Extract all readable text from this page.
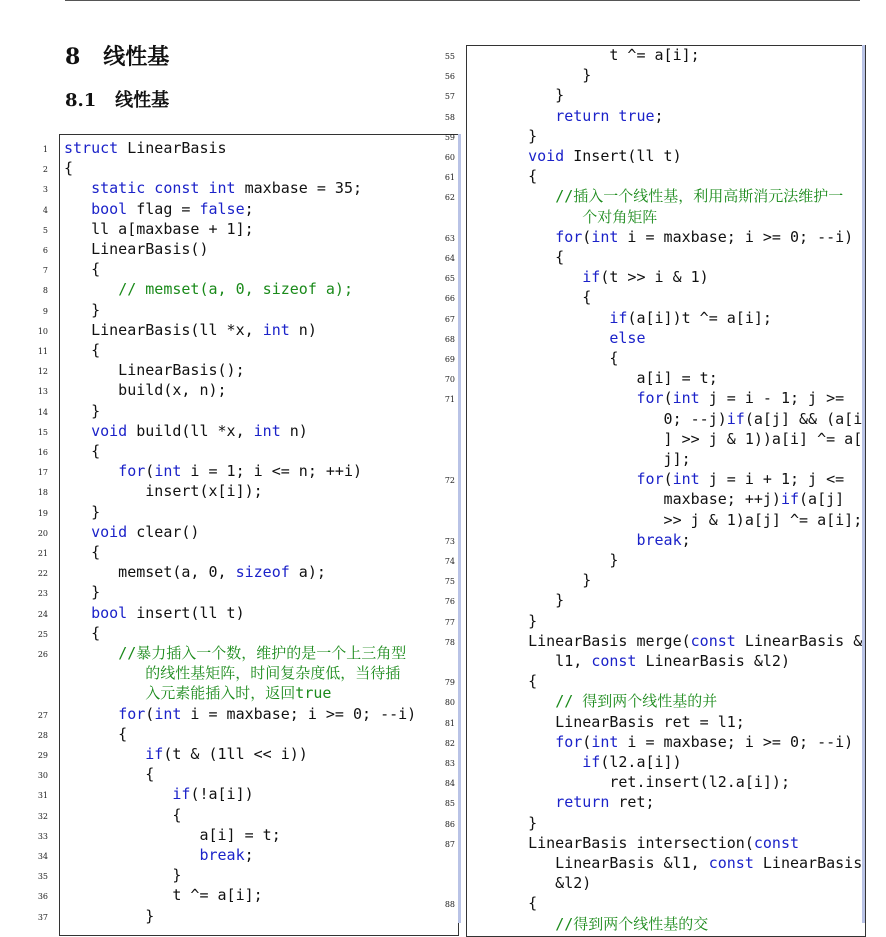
8 线性基
8.1 线性基
1
2
3
4
5
6
7
8
9
10
11
12
13
14
15
16
17
18
19
20
21
22
23
24
25
26
27
28
29
30
31
32
33
34
35
36
37
55
56
57
58
59
60
61
62
63
64
65
66
67
68
69
70
71
72
73
74
75
76
77
78
79
80
81
82
83
84
85
86
87
88
struct LinearBasis
{
static const int maxbase = 35;
bool flag = false;
ll a[maxbase + 1];
LinearBasis()
{
// memset(a, 0, sizeof a);
}
LinearBasis(ll *x, int n)
{
LinearBasis();
build(x, n);
}
void build(ll *x, int n)
{
for(int i = 1; i <= n; ++i)
insert(x[i]);
}
void clear()
{
memset(a, 0, sizeof a);
}
bool insert(ll t)
{
//暴力插入一个数，维护的是一个上三角型
的线性基矩阵，时间复杂度低，当待插
入元素能插入时，返回true
for(int i = maxbase; i >= 0; --i)
{
if(t & (1ll << i))
{
if(!a[i])
{
a[i] = t;
break;
}
t ^= a[i];
}
t ^= a[i];
}
}
return true;
}
void Insert(ll t)
{
//插入一个线性基，利用高斯消元法维护一
个对角矩阵
for(int i = maxbase; i >= 0; --i)
{
if(t >> i & 1)
{
if(a[i])t ^= a[i];
else
{
a[i] = t;
for(int j = i - 1; j >=
0; --j)if(a[j] && (a[i
] >> j & 1))a[i] ^= a[
j];
for(int j = i + 1; j <=
maxbase; ++j)if(a[j]
>> j & 1)a[j] ^= a[i];
break;
}
}
}
}
LinearBasis merge(const LinearBasis &
l1, const LinearBasis &l2)
{
// 得到两个线性基的并
LinearBasis ret = l1;
for(int i = maxbase; i >= 0; --i)
if(l2.a[i])
ret.insert(l2.a[i]);
return ret;
}
LinearBasis intersection(const
LinearBasis &l1, const LinearBasis
&l2)
{
//得到两个线性基的交
